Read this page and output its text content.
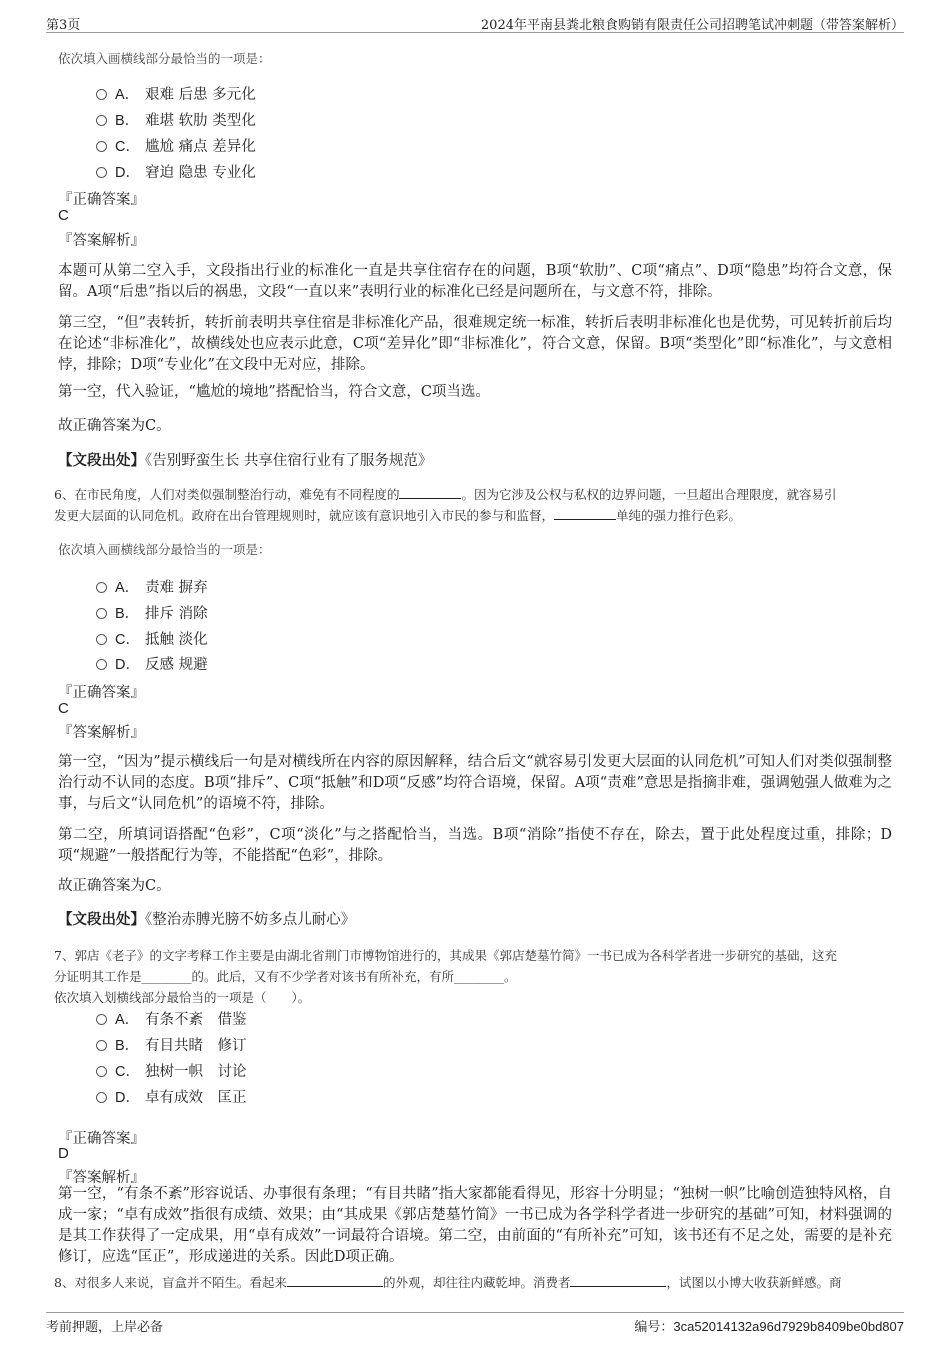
第3页	2024年平南县粪北粮食购销有限责任公司招聘笔试冲刺题（带答案解析）
依次填入画横线部分最恰当的一项是：
A． 艰难 后患 多元化
B． 难堪 软肋 类型化
C． 尴尬 痛点 差异化
D． 窘迫 隐患 专业化
『正确答案』
C
『答案解析』
本题可从第二空入手，文段指出行业的标准化一直是共享住宿存在的问题，B项“软肋”、C项“痛点”、D项“隐患”均符合文意，保留。A项“后患”指以后的祸患，文段“一直以来”表明行业的标准化已经是问题所在，与文意不符，排除。
第三空，“但”表转折，转折前表明共享住宿是非标准化产品，很难规定统一标准，转折后表明非标准化也是优势，可见转折前后均在论述“非标准化”，故横线处也应表示此意，C项“差异化”即“非标准化”，符合文意，保留。B项“类型化”即“标准化”，与文意相悖，排除；D项“专业化”在文段中无对应，排除。
第一空，代入验证，“尴尬的境地”搭配恰当，符合文意，C项当选。
故正确答案为C。
【文段出处】《告别野蛮生长 共享住宿行业有了服务规范》
6、在市民角度，人们对类似强制整治行动，难免有不同程度的	。因为它涉及公权与私权的边界问题，一旦超出合理限度，就容易引
发更大层面的认同危机。政府在出台管理规则时，就应该有意识地引入市民的参与和监督，	单纯的强力推行色彩。
依次填入画横线部分最恰当的一项是：
A． 责难 摒弃
B． 排斥 消除
C． 抵触 淡化
D． 反感 规避
『正确答案』
C
『答案解析』
第一空，“因为”提示横线后一句是对横线所在内容的原因解释，结合后文“就容易引发更大层面的认同危机”可知人们对类似强制整治行动不认同的态度。B项“排斥”、C项“抵触”和D项“反感”均符合语境，保留。A项“责难”意思是指摘非难，强调勉强人做难为之事，与后文“认同危机”的语境不符，排除。
第二空，所填词语搭配“色彩”，C项“淡化”与之搭配恰当，当选。B项“消除”指使不存在，除去，置于此处程度过重，排除；D项“规避”一般搭配行为等，不能搭配“色彩”，排除。
故正确答案为C。
【文段出处】《整治赤膊光膀不妨多点儿耐心》
7、郭店《老子》的文字考释工作主要是由湖北省荆门市博物馆进行的，其成果《郭店楚墓竹简》一书已成为各科学者进一步研究的基础，这充
分证明其工作是________的。此后，又有不少学者对该书有所补充，有所________。
依次填入划横线部分最恰当的一项是（　　）。
A． 有条不紊　借鉴
B． 有目共睹　修订
C． 独树一帜　讨论
D． 卓有成效　匡正
『正确答案』
D
『答案解析』
第一空，“有条不紊”形容说话、办事很有条理；“有目共睹”指大家都能看得见，形容十分明显；“独树一帜”比喻创造独特风格，自成一家；“卓有成效”指很有成绩、效果；由“其成果《郭店楚墓竹简》一书已成为各学科学者进一步研究的基础”可知，材料强调的是其工作获得了一定成果，用“卓有成效”一词最符合语境。第二空，由前面的“有所补充”可知，该书还有不足之处，需要的是补充修订，应选“匡正”，形成递进的关系。因此D项正确。
8、对很多人来说，盲盒并不陌生。看起来	的外观，却往往内藏乾坤。消费者	，试图以小博大收获新鲜感。商
考前押题，上岸必备	编号：3ca52014132a96d7929b8409be0bd807
